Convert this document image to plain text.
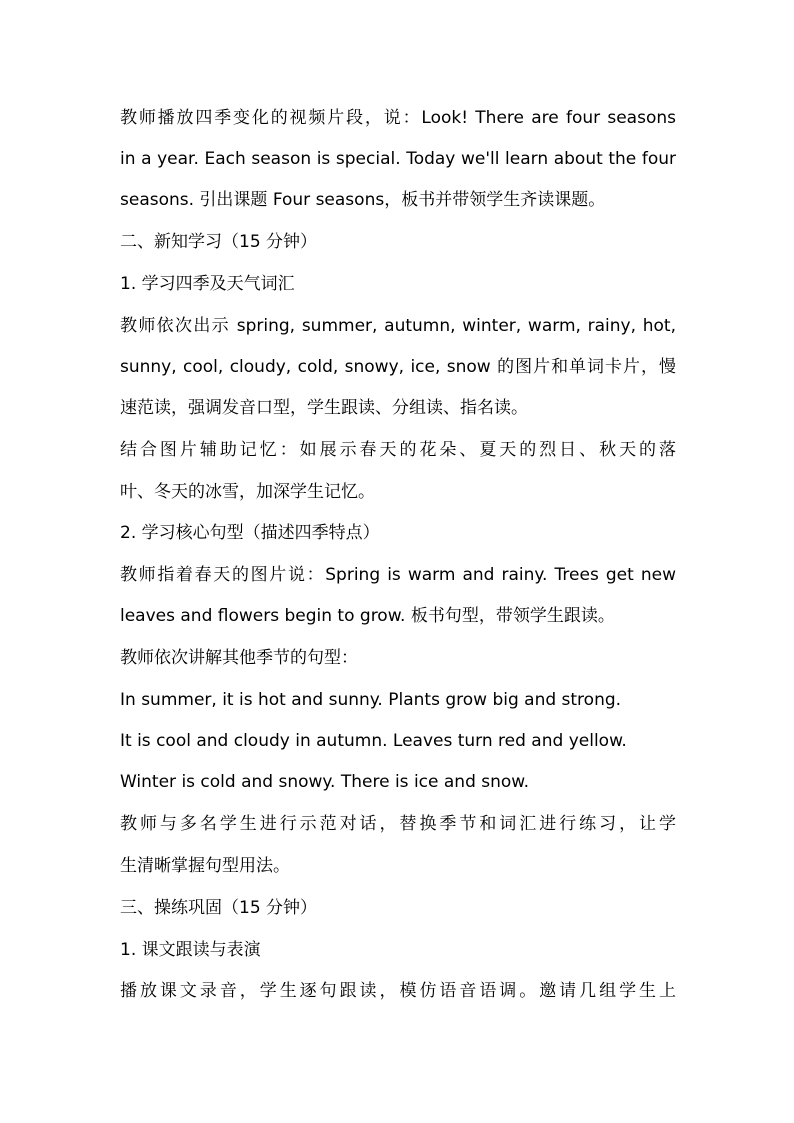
教师播放四季变化的视频片段，说：Look! There are four seasons
in a year. Each season is special. Today we'll learn about the four
seasons. 引出课题 Four seasons，板书并带领学生齐读课题。
二、新知学习（15 分钟）
1. 学习四季及天气词汇
教师依次出示 spring, summer, autumn, winter, warm, rainy, hot,
sunny, cool, cloudy, cold, snowy, ice, snow 的图片和单词卡片，慢
速范读，强调发音口型，学生跟读、分组读、指名读。
结合图片辅助记忆：如展示春天的花朵、夏天的烈日、秋天的落
叶、冬天的冰雪，加深学生记忆。
2. 学习核心句型（描述四季特点）
教师指着春天的图片说：Spring is warm and rainy. Trees get new
leaves and flowers begin to grow. 板书句型，带领学生跟读。
教师依次讲解其他季节的句型：
In summer, it is hot and sunny. Plants grow big and strong.
It is cool and cloudy in autumn. Leaves turn red and yellow.
Winter is cold and snowy. There is ice and snow.
教师与多名学生进行示范对话，替换季节和词汇进行练习，让学
生清晰掌握句型用法。
三、操练巩固（15 分钟）
1. 课文跟读与表演
播放课文录音，学生逐句跟读，模仿语音语调。邀请几组学生上
